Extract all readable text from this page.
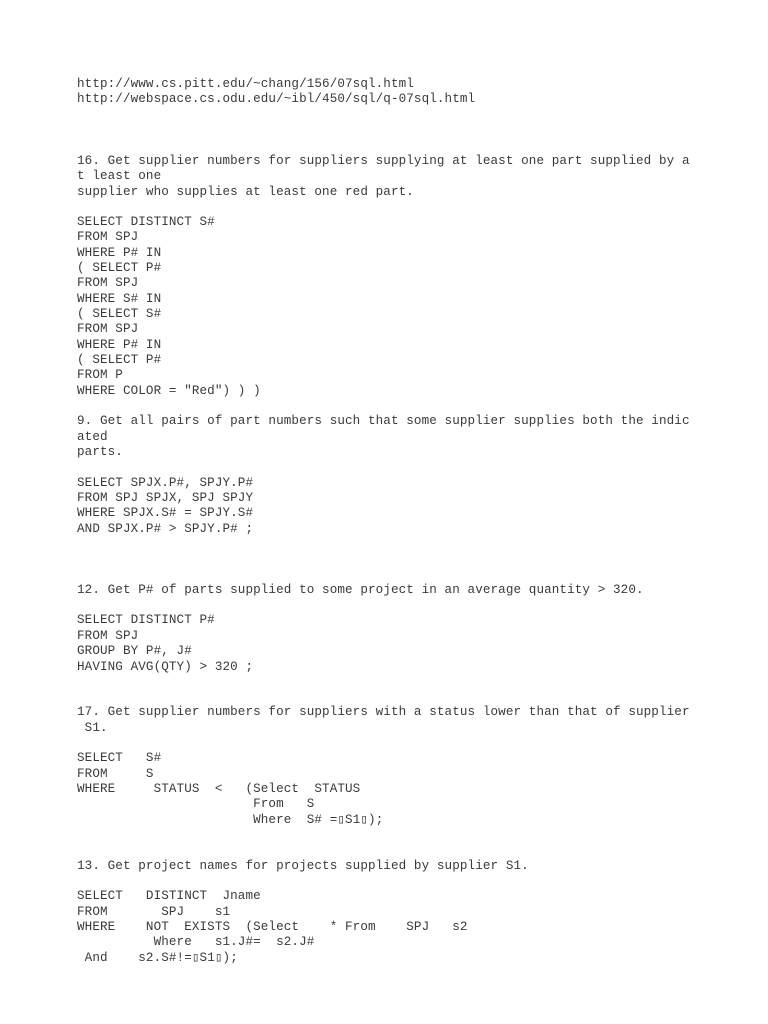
http://www.cs.pitt.edu/~chang/156/07sql.html

http://webspace.cs.odu.edu/~ibl/450/sql/q-07sql.html

16. Get supplier numbers for suppliers supplying at least one part supplied by a

t least one

supplier who supplies at least one red part.

SELECT DISTINCT S#

FROM SPJ

WHERE P# IN

( SELECT P#

FROM SPJ

WHERE S# IN

( SELECT S#

FROM SPJ

WHERE P# IN

( SELECT P#

FROM P

WHERE COLOR = "Red") ) )

9. Get all pairs of part numbers such that some supplier supplies both the indic

ated

parts.

SELECT SPJX.P#, SPJY.P#

FROM SPJ SPJX, SPJ SPJY

WHERE SPJX.S# = SPJY.S#

AND SPJX.P# > SPJY.P# ;

12. Get P# of parts supplied to some project in an average quantity > 320.

SELECT DISTINCT P#

FROM SPJ

GROUP BY P#, J#

HAVING AVG(QTY) > 320 ;

17. Get supplier numbers for suppliers with a status lower than that of supplier

S1.

SELECT   S#

FROM     S

WHERE     STATUS  <   (Select  STATUS

From   S

Where  S# =▯S1▯);

13. Get project names for projects supplied by supplier S1.

SELECT   DISTINCT  Jname

FROM       SPJ    s1

WHERE    NOT  EXISTS  (Select    * From    SPJ   s2

Where   s1.J#=  s2.J#

And    s2.S#!=▯S1▯);
